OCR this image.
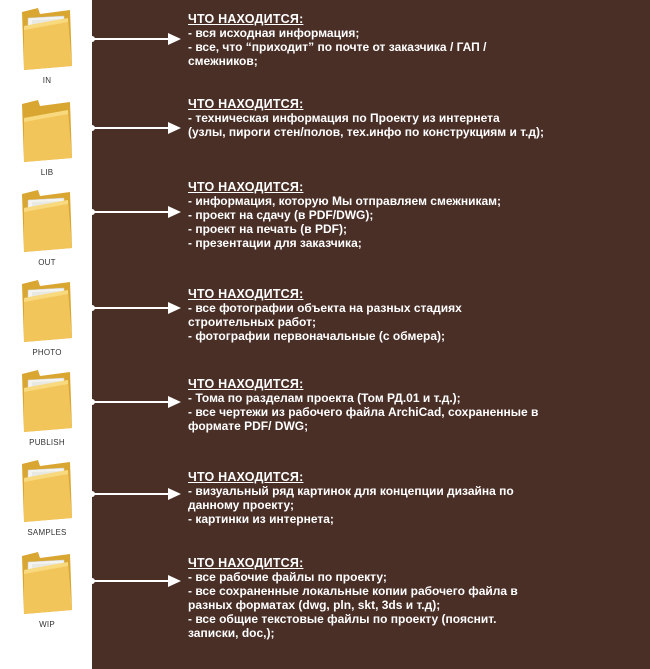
IN
ЧТО НАХОДИТСЯ:
- вся исходная информация;
- все, что “приходит” по почте от заказчика / ГАП /
смежников;
LIB
ЧТО НАХОДИТСЯ:
- техническая информация по Проекту из интернета
(узлы, пироги стен/полов, тех.инфо по конструкциям и т.д);
OUT
ЧТО НАХОДИТСЯ:
- информация, которую Мы отправляем смежникам;
- проект на сдачу (в PDF/DWG);
- проект на печать (в PDF);
- презентации для заказчика;
PHOTO
ЧТО НАХОДИТСЯ:
- все фотографии объекта на разных стадиях
строительных работ;
- фотографии первоначальные (с обмера);
PUBLISH
ЧТО НАХОДИТСЯ:
- Тома по разделам проекта (Том РД.01 и т.д.);
- все чертежи из рабочего файла ArchiCad, сохраненные в
формате PDF/ DWG;
SAMPLES
ЧТО НАХОДИТСЯ:
- визуальный ряд картинок для концепции дизайна по
данному проекту;
- картинки из интернета;
WIP
ЧТО НАХОДИТСЯ:
- все рабочие файлы по проекту;
- все сохраненные локальные копии рабочего файла в
разных форматах (dwg, pln, skt, 3ds и т.д);
- все общие текстовые файлы по проекту (пояснит.
записки, doc,);
